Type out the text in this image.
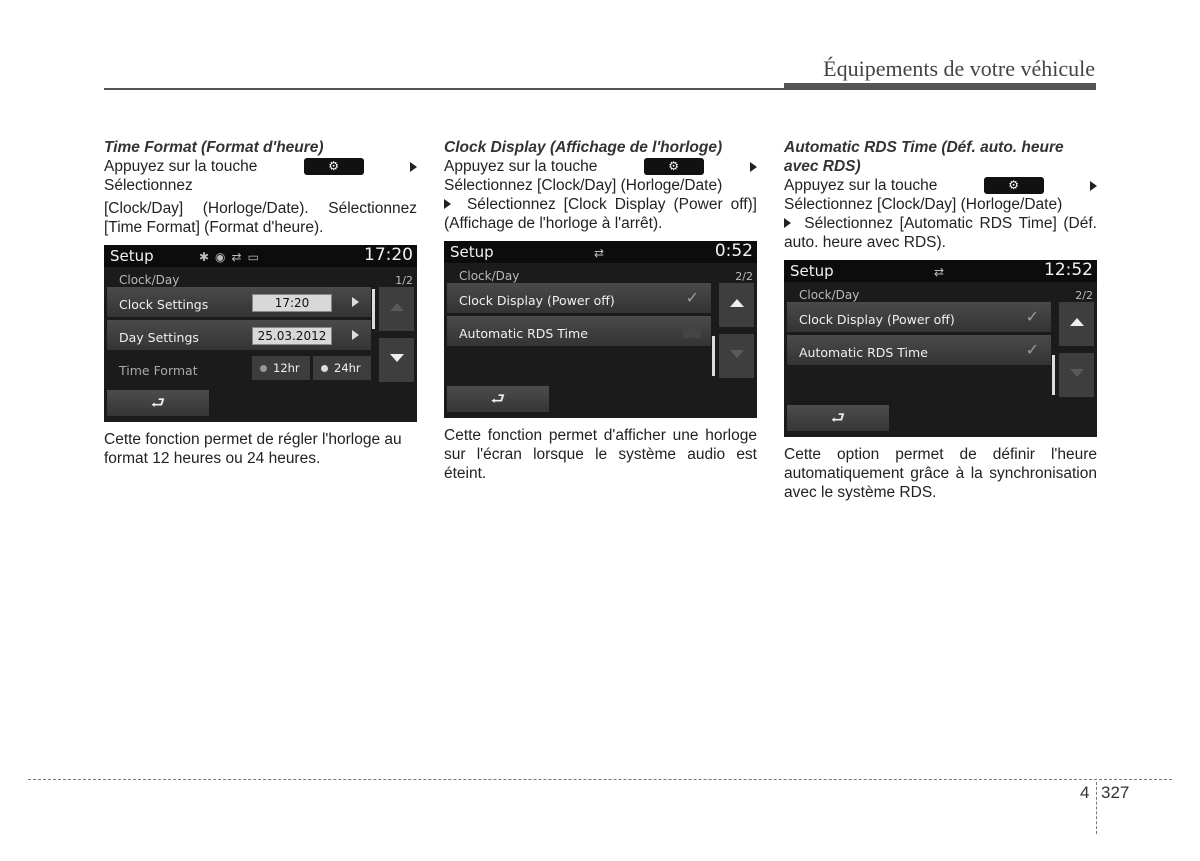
Équipements de votre véhicule

Time Format (Format d'heure)

Appuyez sur la touche	⚙

Sélectionnez

[Clock/Day] (Horloge/Date). Sélectionnez [Time Format] (Format d'heure).

Setup	✱◉⇄▭	17:20
Clock/Day	1/2
Clock Settings	17:20
Day Settings	25.03.2012
Time Format	12hr	24hr
⮐

Cette fonction permet de régler l'horloge au format 12 heures ou 24 heures.

Clock Display (Affichage de l'horloge)

Appuyez sur la touche	⚙

Sélectionnez [Clock/Day] (Horloge/Date)

Sélectionnez [Clock Display (Power off)] (Affichage de l'horloge à l'arrêt).

Setup	⇄	0:52
Clock/Day	2/2
Clock Display (Power off)	✓
Automatic RDS Time
⮐

Cette fonction permet d'afficher une horloge sur l'écran lorsque le système audio est éteint.

Automatic RDS Time (Déf. auto. heure avec RDS)

Appuyez sur la touche	⚙

Sélectionnez [Clock/Day] (Horloge/Date)

Sélectionnez [Automatic RDS Time] (Déf. auto. heure avec RDS).

Setup	⇄	12:52
Clock/Day	2/2
Clock Display (Power off)	✓
Automatic RDS Time	✓
⮐

Cette option permet de définir l'heure automatiquement grâce à la synchronisation avec le système RDS.

4 327
